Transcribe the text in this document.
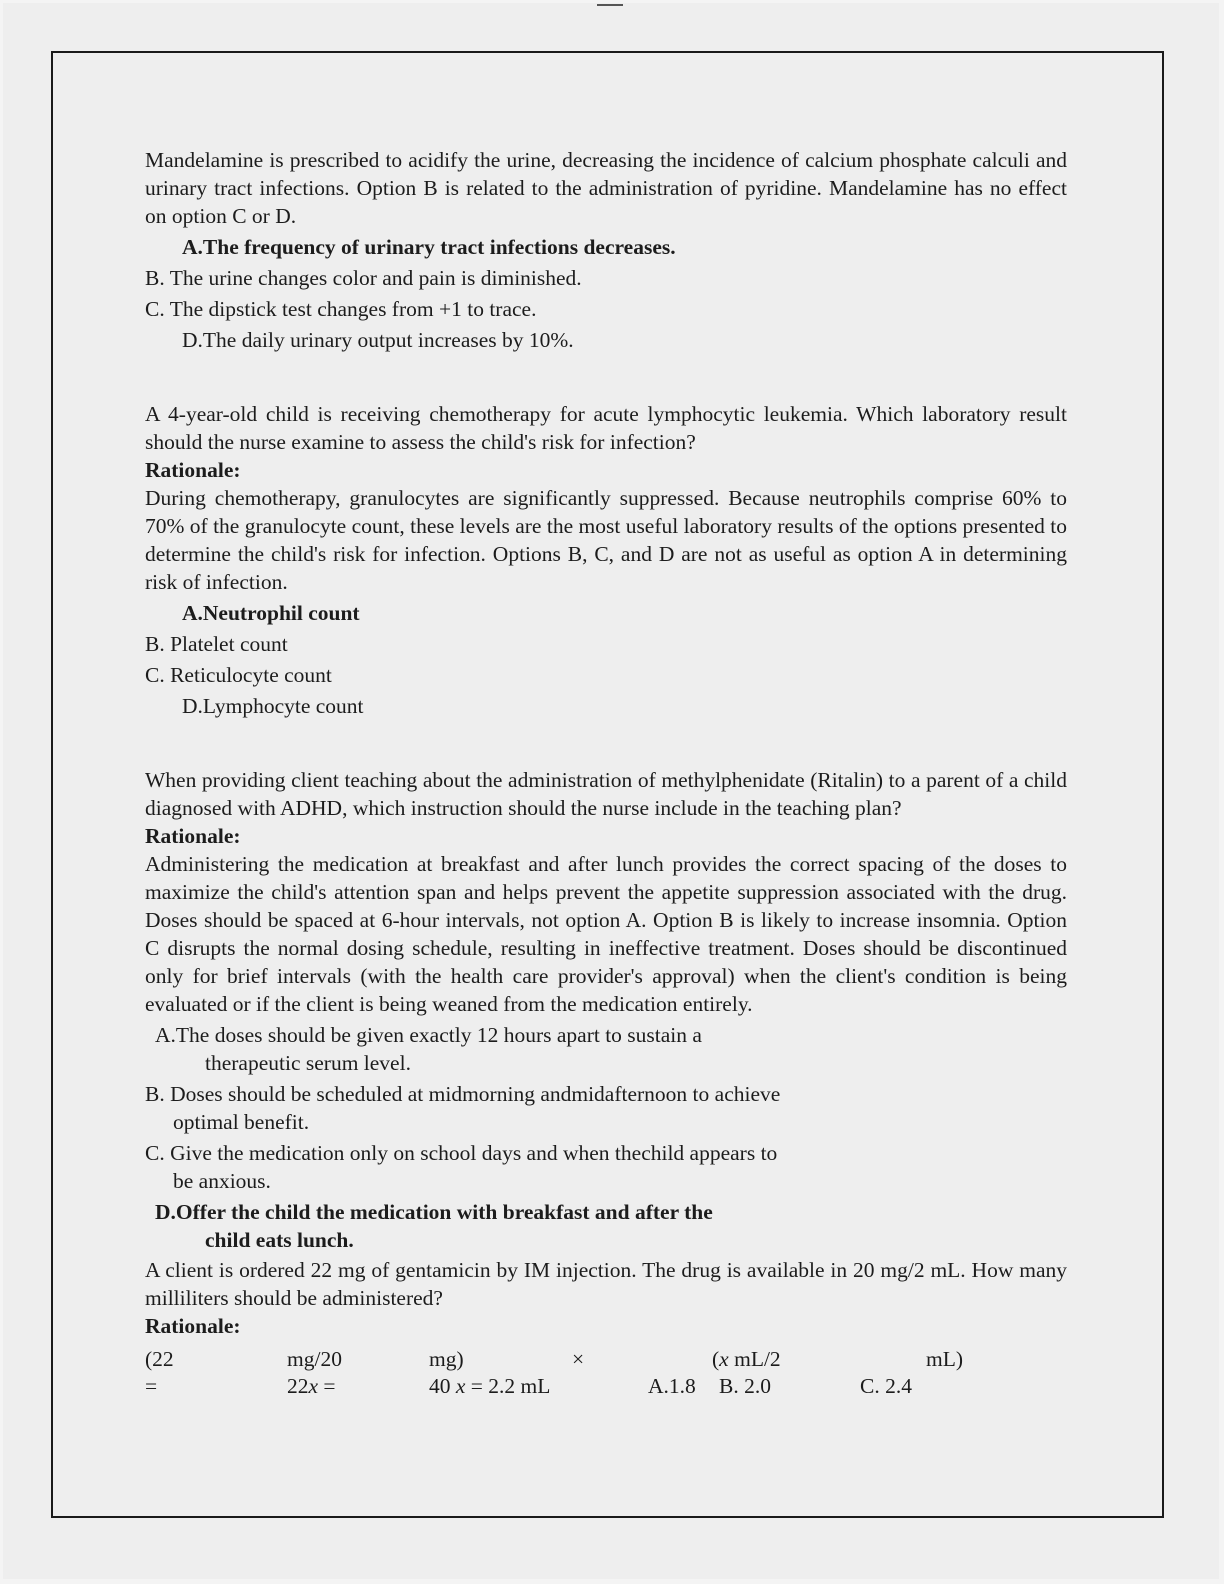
Mandelamine is prescribed to acidify the urine, decreasing the incidence of calcium phosphate calculi and urinary tract infections. Option B is related to the administration of pyridine. Mandelamine has no effect on option C or D.

A.The frequency of urinary tract infections decreases.

B. The urine changes color and pain is diminished.

C. The dipstick test changes from +1 to trace.

D.The daily urinary output increases by 10%.

A 4-year-old child is receiving chemotherapy for acute lymphocytic leukemia. Which laboratory result should the nurse examine to assess the child's risk for infection?

Rationale:

During chemotherapy, granulocytes are significantly suppressed. Because neutrophils comprise 60% to 70% of the granulocyte count, these levels are the most useful laboratory results of the options presented to determine the child's risk for infection. Options B, C, and D are not as useful as option A in determining risk of infection.

A.Neutrophil count

B. Platelet count

C. Reticulocyte count

D.Lymphocyte count

When providing client teaching about the administration of methylphenidate (Ritalin) to a parent of a child diagnosed with ADHD, which instruction should the nurse include in the teaching plan?

Rationale:

Administering the medication at breakfast and after lunch provides the correct spacing of the doses to maximize the child's attention span and helps prevent the appetite suppression associated with the drug. Doses should be spaced at 6-hour intervals, not option A. Option B is likely to increase insomnia. Option C disrupts the normal dosing schedule, resulting in ineffective treatment. Doses should be discontinued only for brief intervals (with the health care provider's approval) when the client's condition is being evaluated or if the client is being weaned from the medication entirely.

A.The doses should be given exactly 12 hours apart to sustain a

therapeutic serum level.

B. Doses should be scheduled at midmorning andmidafternoon to achieve

optimal benefit.

C. Give the medication only on school days and when thechild appears to

be anxious.

D.Offer the child the medication with breakfast and after the

child eats lunch.

A client is ordered 22 mg of gentamicin by IM injection. The drug is available in 20 mg/2 mL. How many milliliters should be administered?

Rationale:

(22	mg/20	mg)	×	(x mL/2	mL)
=	22x =	40 x = 2.2 mL	A.1.8 B. 2.0	C. 2.4
